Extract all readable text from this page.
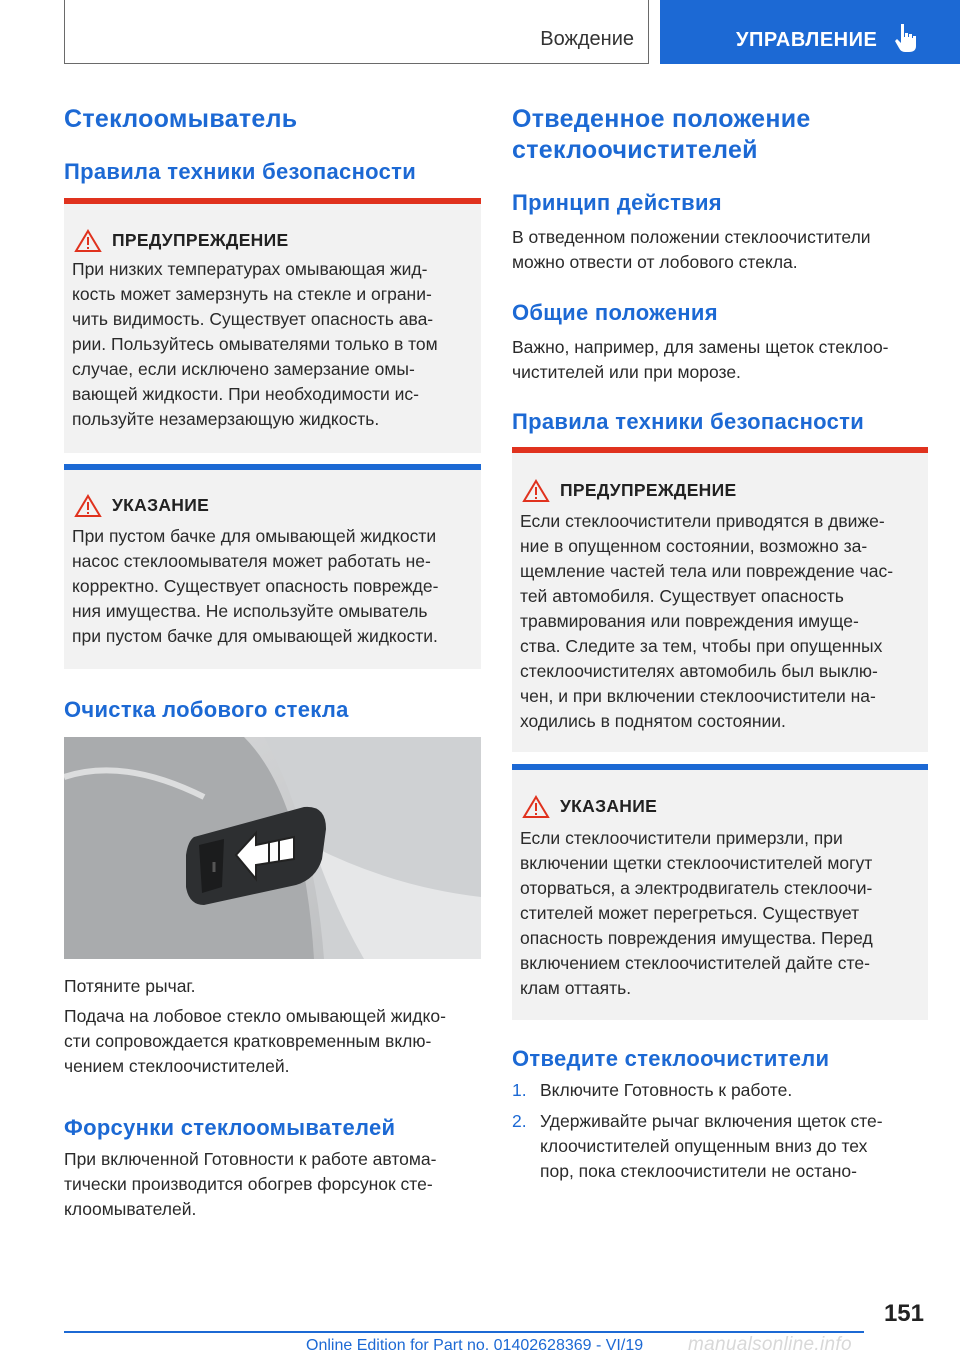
Вождение	УПРАВЛЕНИЕ
Стеклоомыватель
Правила техники безопасности
ПРЕДУПРЕЖДЕНИЕ
При низких температурах омывающая жид-
кость может замерзнуть на стекле и ограни-
чить видимость. Существует опасность ава-
рии. Пользуйтесь омывателями только в том
случае, если исключено замерзание омы-
вающей жидкости. При необходимости ис-
пользуйте незамерзающую жидкость.
УКАЗАНИЕ
При пустом бачке для омывающей жидкости
насос стеклоомывателя может работать не-
корректно. Существует опасность поврежде-
ния имущества. Не используйте омыватель
при пустом бачке для омывающей жидкости.
Очистка лобового стекла
Потяните рычаг.
Подача на лобовое стекло омывающей жидко-
сти сопровождается кратковременным вклю-
чением стеклоочистителей.
Форсунки стеклоомывателей
При включенной Готовности к работе автома-
тически производится обогрев форсунок сте-
клоомывателей.
Отведенное положение
стеклоочистителей
Принцип действия
В отведенном положении стеклоочистители
можно отвести от лобового стекла.
Общие положения
Важно, например, для замены щеток стеклоо-
чистителей или при морозе.
Правила техники безопасности
ПРЕДУПРЕЖДЕНИЕ
Если стеклоочистители приводятся в движе-
ние в опущенном состоянии, возможно за-
щемление частей тела или повреждение час-
тей автомобиля. Существует опасность
травмирования или повреждения имуще-
ства. Следите за тем, чтобы при опущенных
стеклоочистителях автомобиль был выклю-
чен, и при включении стеклоочистители на-
ходились в поднятом состоянии.
УКАЗАНИЕ
Если стеклоочистители примерзли, при
включении щетки стеклоочистителей могут
оторваться, а электродвигатель стеклоочи-
стителей может перегреться. Существует
опасность повреждения имущества. Перед
включением стеклоочистителей дайте сте-
клам оттаять.
Отведите стеклоочистители
1. Включите Готовность к работе.
2. Удерживайте рычаг включения щеток сте-
клоочистителей опущенным вниз до тех
пор, пока стеклоочистители не остано-
151
Online Edition for Part no. 01402628369 - VI/19 manualsonline.info
